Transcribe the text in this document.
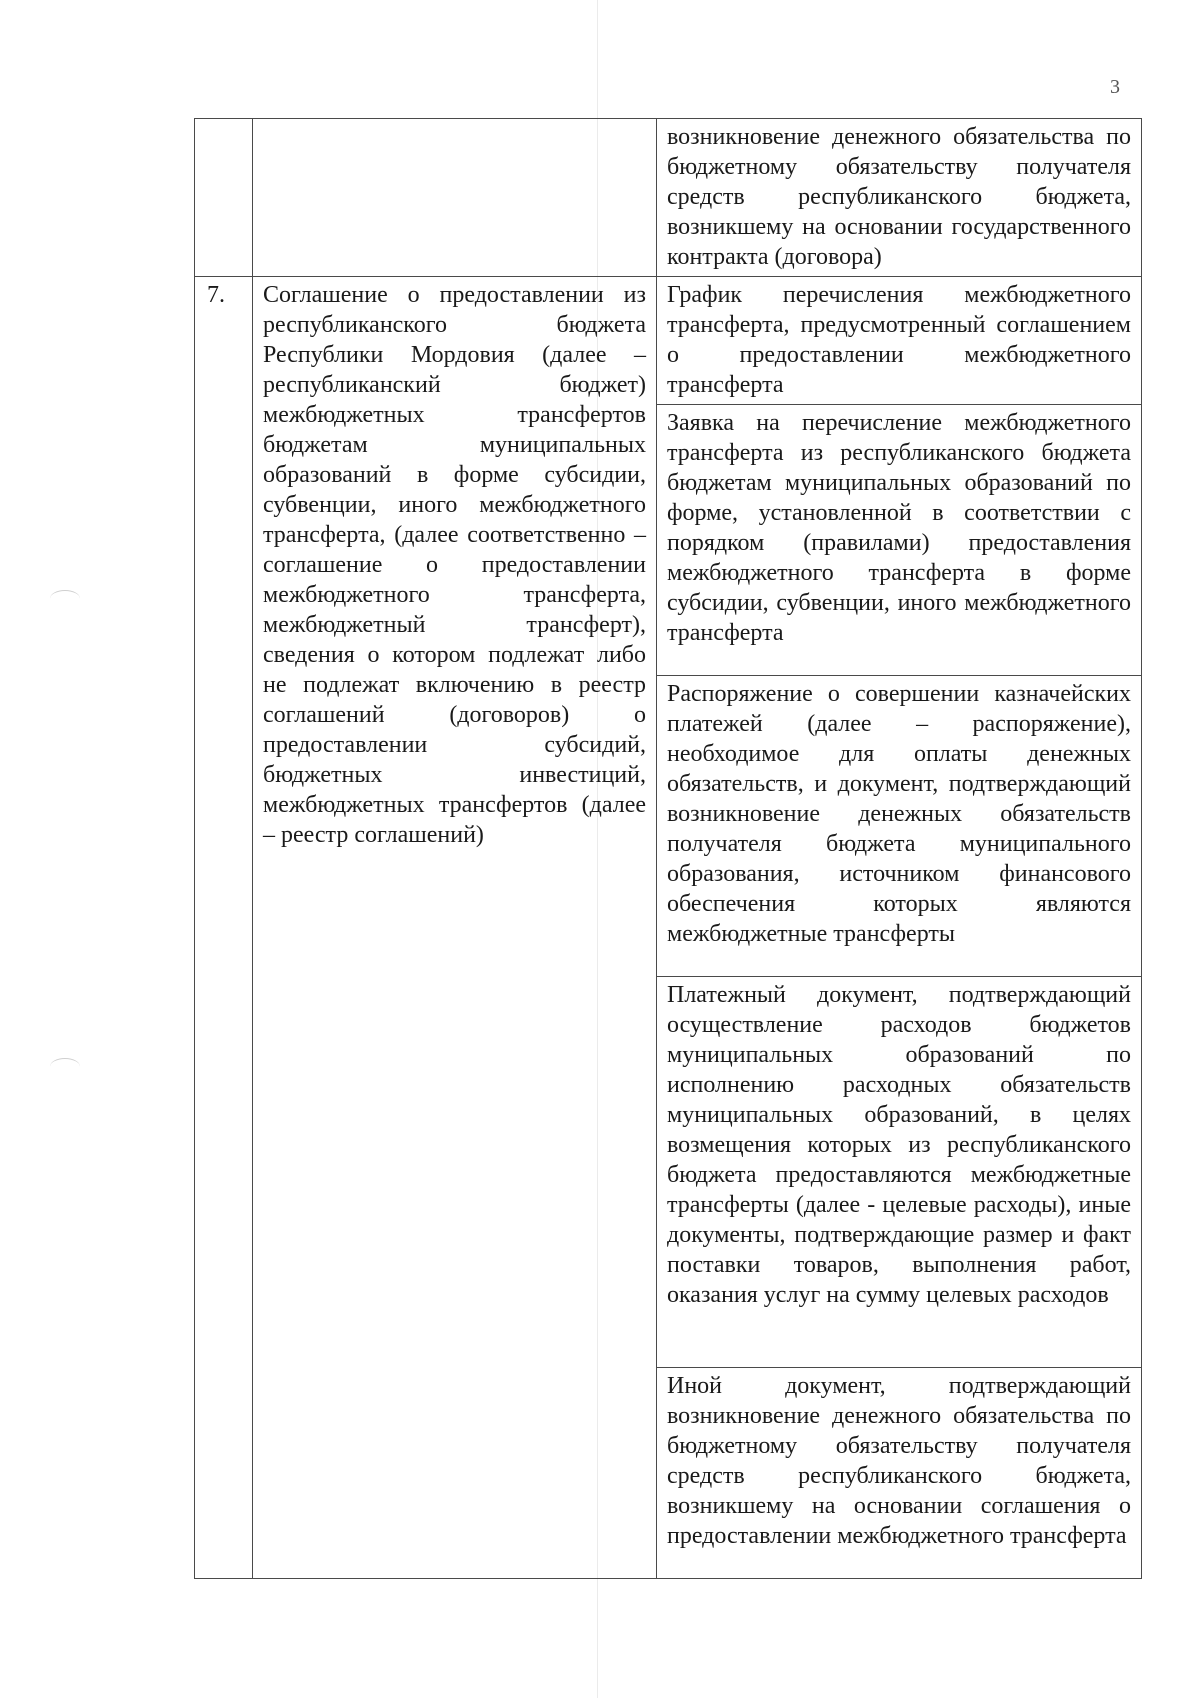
3
		возникновение денежного обязательства по бюджетному обязательству получателя средств республиканского бюджета, возникшему на основании государственного контракта (договора)
7.	Соглашение о предоставлении из республиканского бюджета Республики Мордовия (далее – республиканский бюджет) межбюджетных трансфертов бюджетам муниципальных образований в форме субсидии, субвенции, иного межбюджетного трансферта, (далее соответственно – соглашение о предоставлении межбюджетного трансферта, межбюджетный трансферт), сведения о котором подлежат либо не подлежат включению в реестр соглашений (договоров) о предоставлении субсидий, бюджетных инвестиций, межбюджетных трансфертов (далее – реестр соглашений)	График перечисления межбюджетного трансферта, предусмотренный соглашением о предоставлении межбюджетного трансферта
		Заявка на перечисление межбюджетного трансферта из республиканского бюджета бюджетам муниципальных образований по форме, установленной в соответствии с порядком (правилами) предоставления межбюджетного трансферта в форме субсидии, субвенции, иного межбюджетного трансферта
		Распоряжение о совершении казначейских платежей (далее – распоряжение), необходимое для оплаты денежных обязательств, и документ, подтверждающий возникновение денежных обязательств получателя бюджета муниципального образования, источником финансового обеспечения которых являются межбюджетные трансферты
		Платежный документ, подтверждающий осуществление расходов бюджетов муниципальных образований по исполнению расходных обязательств муниципальных образований, в целях возмещения которых из республиканского бюджета предоставляются межбюджетные трансферты (далее - целевые расходы), иные документы, подтверждающие размер и факт поставки товаров, выполнения работ, оказания услуг на сумму целевых расходов
		Иной документ, подтверждающий возникновение денежного обязательства по бюджетному обязательству получателя средств республиканского бюджета, возникшему на основании соглашения о предоставлении межбюджетного трансферта
